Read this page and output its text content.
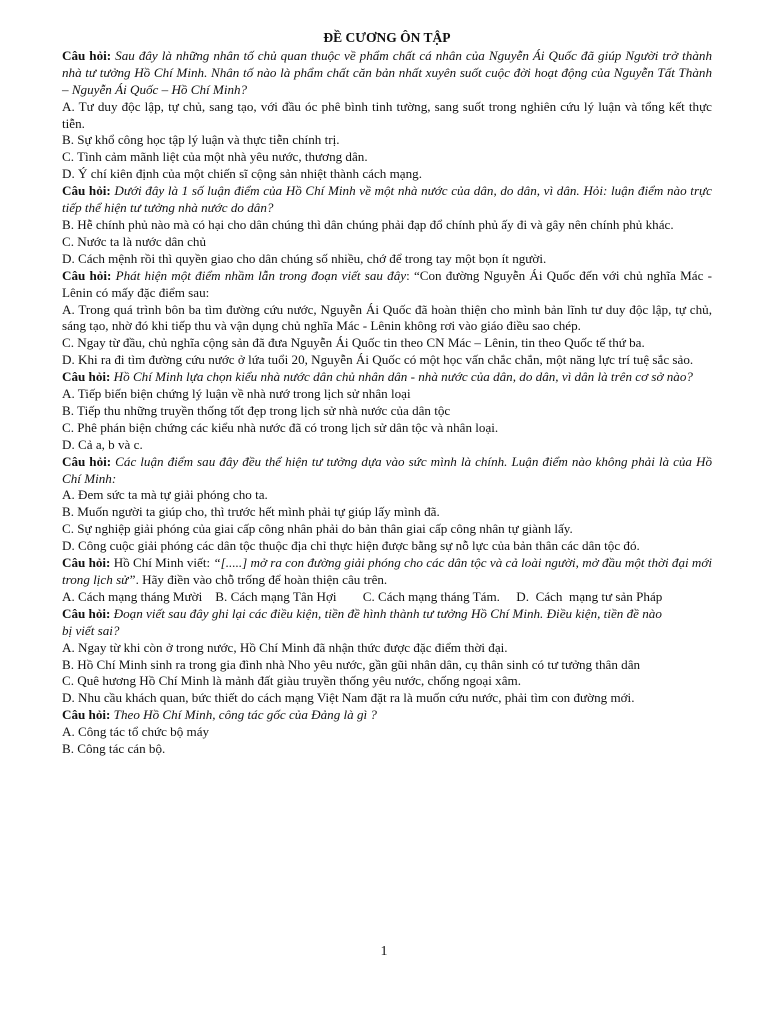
ĐỀ CƯƠNG ÔN TẬP

Câu hỏi: Sau đây là những nhân tố chủ quan thuộc về phẩm chất cá nhân của Nguyễn Ái Quốc đã giúp Người trở thành nhà tư tưởng Hồ Chí Minh. Nhân tố nào là phẩm chất căn bản nhất xuyên suốt cuộc đời hoạt động của Nguyễn Tất Thành – Nguyễn Ái Quốc – Hồ Chí Minh?

A. Tư duy độc lập, tự chủ, sang tạo, với đầu óc phê bình tinh tường, sang suốt trong nghiên cứu lý luận và tổng kết thực tiễn.

B. Sự khổ công học tập lý luận và thực tiễn chính trị.

C. Tình cảm mãnh liệt của một nhà yêu nước, thương dân.

D. Ý chí kiên định của một chiến sĩ cộng sản nhiệt thành cách mạng.

Câu hỏi: Dưới đây là 1 số luận điểm của Hồ Chí Minh về một nhà nước của dân, do dân, vì dân. Hỏi: luận điểm nào trực tiếp thể hiện tư tưởng nhà nước do dân?

B. Hễ chính phủ nào mà có hại cho dân chúng thì dân chúng phải đạp đổ chính phủ ấy đi và gây nên chính phủ khác.

C. Nước ta là nước dân chủ

D. Cách mệnh rồi thì quyền giao cho dân chúng số nhiều, chớ để trong tay một bọn ít người.

Câu hỏi: Phát hiện một điểm nhầm lẫn trong đoạn viết sau đây: “Con đường Nguyễn Ái Quốc đến với chủ nghĩa Mác - Lênin có mấy đặc điểm sau:

A. Trong quá trình bôn ba tìm đường cứu nước, Nguyễn Ái Quốc đã hoàn thiện cho mình bản lĩnh tư duy độc lập, tự chủ, sáng tạo, nhờ đó khi tiếp thu và vận dụng chủ nghĩa Mác - Lênin không rơi vào giáo điều sao chép.

C. Ngay từ đầu, chủ nghĩa cộng sản đã đưa Nguyễn Ái Quốc tin theo CN Mác – Lênin, tin theo Quốc tế thứ ba.

D. Khi ra đi tìm đường cứu nước ở lứa tuổi 20, Nguyễn Ái Quốc có một học vấn chắc chắn, một năng lực trí tuệ sắc sảo.

Câu hỏi: Hồ Chí Minh lựa chọn kiểu nhà nước dân chủ nhân dân - nhà nước của dân, do dân, vì dân là trên cơ sở nào?

A. Tiếp biến biện chứng lý luận về nhà nướ trong lịch sử nhân loại

B. Tiếp thu những truyền thống tốt đẹp trong lịch sử nhà nước của dân tộc

C. Phê phán biện chứng các kiểu nhà nước đã có trong lịch sử dân tộc và nhân loại.

D. Cả a, b và c.

Câu hỏi: Các luận điểm sau đây đều thể hiện tư tưởng dựa vào sức mình là chính. Luận điểm nào không phải là của Hồ Chí Minh:

A. Đem sức ta mà tự giải phóng cho ta.

B. Muốn người ta giúp cho, thì trước hết mình phải tự giúp lấy mình đã.

C. Sự nghiệp giải phóng của giai cấp công nhân phải do bản thân giai cấp công nhân tự giành lấy.

D. Công cuộc giải phóng các dân tộc thuộc địa chỉ thực hiện được bằng sự nỗ lực của bản thân các dân tộc đó.

Câu hỏi: Hồ Chí Minh viết: “[.....] mở ra con đường giải phóng cho các dân tộc và cả loài người, mở đầu một thời đại mới trong lịch sử”. Hãy điền vào chỗ trống để hoàn thiện câu trên.

A. Cách mạng tháng Mười    B. Cách mạng Tân Hợi        C. Cách mạng tháng Tám.     D.  Cách  mạng tư sản Pháp

Câu hỏi: Đoạn viết sau đây ghi lại các điều kiện, tiền đề hình thành tư tưởng Hồ Chí Minh. Điều kiện, tiền đề nào

bị viết sai?

A. Ngay từ khi còn ở trong nước, Hồ Chí Minh đã nhận thức được đặc điểm thời đại.

B. Hồ Chí Minh sinh ra trong gia đình nhà Nho yêu nước, gần gũi nhân dân, cụ thân sinh có tư tưởng thân dân

C. Quê hương Hồ Chí Minh là mảnh đất giàu truyền thống yêu nước, chống ngoại xâm.

D. Nhu cầu khách quan, bức thiết do cách mạng Việt Nam đặt ra là muốn cứu nước, phải tìm con đường mới.

Câu hỏi: Theo Hồ Chí Minh, công tác gốc của Đảng là gì ?

A. Công tác tổ chức bộ máy

B. Công tác cán bộ.

1
